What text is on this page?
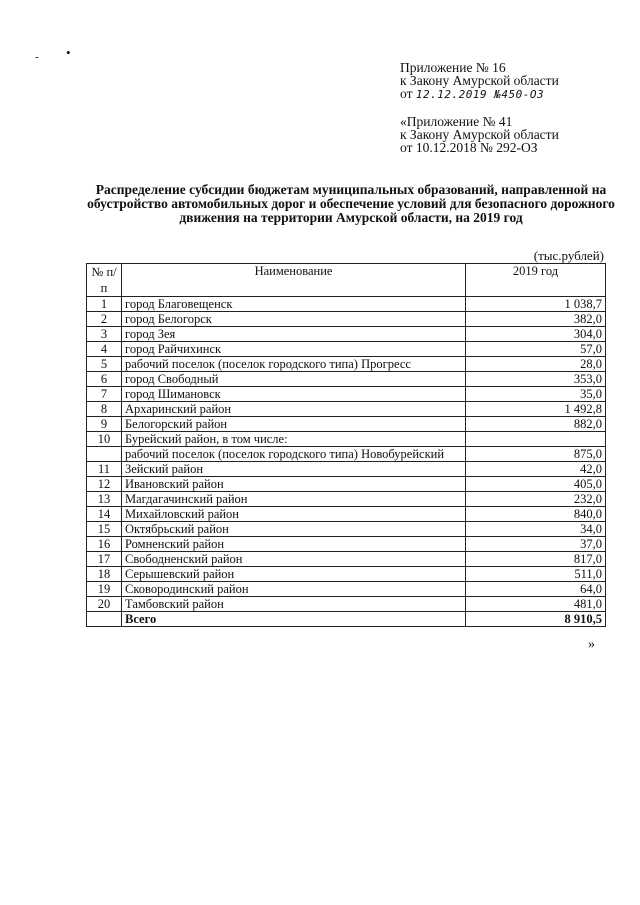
- •
Приложение № 16
к Закону Амурской области
от 12.12.2019 №450-ОЗ
«Приложение № 41
к Закону Амурской области
от 10.12.2018 № 292-ОЗ
Распределение субсидии бюджетам муниципальных образований, направленной на обустройство автомобильных дорог и обеспечение условий для безопасного дорожного движения на территории Амурской области, на 2019 год
(тыс.рублей)
№ п/п	Наименование	2019 год
1	город Благовещенск	1 038,7
2	город Белогорск	382,0
3	город Зея	304,0
4	город Райчихинск	57,0
5	рабочий поселок (поселок городского типа) Прогресс	28,0
6	город Свободный	353,0
7	город Шимановск	35,0
8	Архаринский район	1 492,8
9	Белогорский район	882,0
10	Бурейский район, в том числе:	
	рабочий поселок (поселок городского типа) Новобурейский	875,0
11	Зейский район	42,0
12	Ивановский район	405,0
13	Магдагачинский район	232,0
14	Михайловский район	840,0
15	Октябрьский район	34,0
16	Ромненский район	37,0
17	Свободненский район	817,0
18	Серышевский район	511,0
19	Сковородинский район	64,0
20	Тамбовский район	481,0
	Всего	8 910,5
»
